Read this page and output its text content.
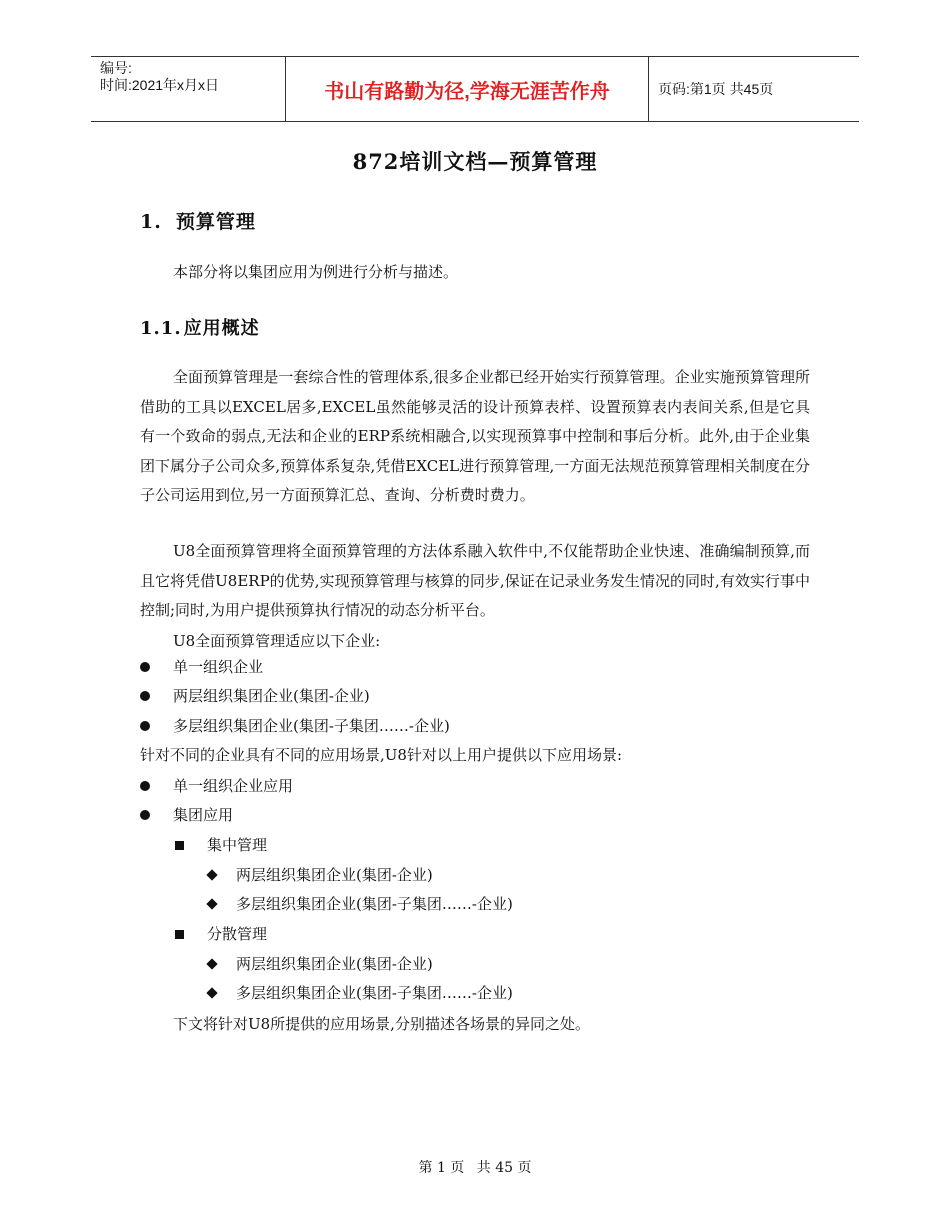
编号:
时间:2021年x月x日	书山有路勤为径,学海无涯苦作舟	页码:第1页 共45页
872培训文档—预算管理
1. 预算管理
本部分将以集团应用为例进行分析与描述。
1.1. 应用概述
全面预算管理是一套综合性的管理体系,很多企业都已经开始实行预算管理。企业实施预算管理所借助的工具以EXCEL居多,EXCEL虽然能够灵活的设计预算表样、设置预算表内表间关系,但是它具有一个致命的弱点,无法和企业的ERP系统相融合,以实现预算事中控制和事后分析。此外,由于企业集团下属分子公司众多,预算体系复杂,凭借EXCEL进行预算管理,一方面无法规范预算管理相关制度在分子公司运用到位,另一方面预算汇总、查询、分析费时费力。
U8全面预算管理将全面预算管理的方法体系融入软件中,不仅能帮助企业快速、准确编制预算,而且它将凭借U8ERP的优势,实现预算管理与核算的同步,保证在记录业务发生情况的同时,有效实行事中控制;同时,为用户提供预算执行情况的动态分析平台。
U8全面预算管理适应以下企业:
单一组织企业
两层组织集团企业(集团-企业)
多层组织集团企业(集团-子集团……-企业)
针对不同的企业具有不同的应用场景,U8针对以上用户提供以下应用场景:
单一组织企业应用
集团应用
集中管理
两层组织集团企业(集团-企业)
多层组织集团企业(集团-子集团……-企业)
分散管理
两层组织集团企业(集团-企业)
多层组织集团企业(集团-子集团……-企业)
下文将针对U8所提供的应用场景,分别描述各场景的异同之处。
第 1 页 共 45 页
